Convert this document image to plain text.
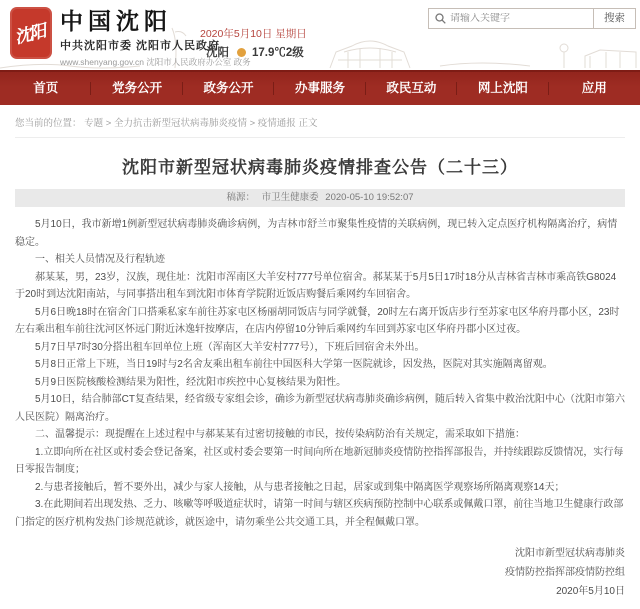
沈阳
中国沈阳
中共沈阳市委 沈阳市人民政府
www.shenyang.gov.cn 沈阳市人民政府办公室 政务
2020年5月10日 星期日
沈阳 17.9℃2级
请输入关键字
搜索
首页	党务公开	政务公开	办事服务	政民互动	网上沈阳	应用
您当前的位置： 专题 > 全力抗击新型冠状病毒肺炎疫情 > 疫情通报 正文
沈阳市新型冠状病毒肺炎疫情排查公告（二十三）
稿源： 市卫生健康委 2020-05-10 19:52:07

5月10日，我市新增1例新型冠状病毒肺炎确诊病例，为吉林市舒兰市聚集性疫情的关联病例，现已转入定点医疗机构隔离治疗，病情稳定。

一、相关人员情况及行程轨迹

郝某某，男，23岁，汉族，现住址：沈阳市浑南区大羊安村777号单位宿舍。郝某某于5月5日17时18分从吉林省吉林市乘高铁G8024于20时到达沈阳南站，与同事搭出租车到沈阳市体育学院附近饭店购餐后乘网约车回宿舍。

5月6日晚18时在宿舍门口搭乘私家车前往苏家屯区杨丽胡同饭店与同学就餐，20时左右离开饭店步行至苏家屯区华府丹郡小区，23时左右乘出租车前往沈河区怀远门附近沐逸轩按摩店，在店内停留10分钟后乘网约车回到苏家屯区华府丹郡小区过夜。

5月7日早7时30分搭出租车回单位上班（浑南区大羊安村777号），下班后回宿舍未外出。

5月8日正常上下班，当日19时与2名舍友乘出租车前往中国医科大学第一医院就诊，因发热，医院对其实施隔离留观。

5月9日医院核酸检测结果为阳性，经沈阳市疾控中心复核结果为阳性。

5月10日，结合肺部CT复查结果，经省级专家组会诊，确诊为新型冠状病毒肺炎确诊病例，随后转入省集中救治沈阳中心（沈阳市第六人民医院）隔离治疗。

二、温馨提示：现提醒在上述过程中与郝某某有过密切接触的市民，按传染病防治有关规定，需采取如下措施：

1.立即向所在社区或村委会登记备案，社区或村委会要第一时间向所在地新冠肺炎疫情防控指挥部报告，并持续跟踪反馈情况，实行每日零报告制度；

2.与患者接触后，暂不要外出，减少与家人接触，从与患者接触之日起，居家或到集中隔离医学观察场所隔离观察14天；

3.在此期间若出现发热、乏力、咳嗽等呼吸道症状时，请第一时间与辖区疾病预防控制中心联系或佩戴口罩，前往当地卫生健康行政部门指定的医疗机构发热门诊规范就诊，就医途中，请勿乘坐公共交通工具，并全程佩戴口罩。

沈阳市新型冠状病毒肺炎
疫情防控指挥部疫情防控组
2020年5月10日
